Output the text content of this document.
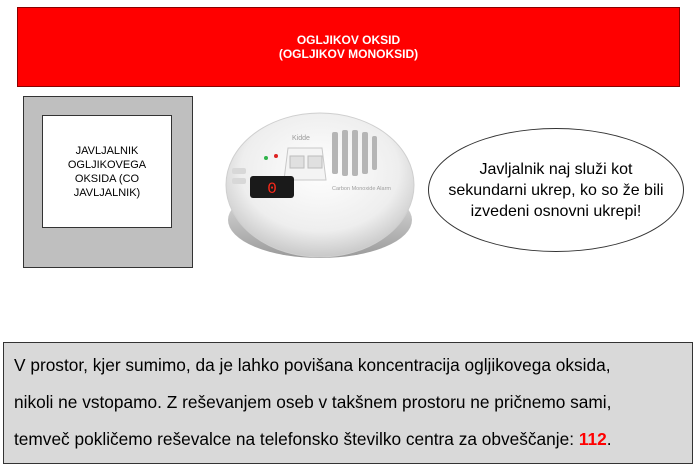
OGLJIKOV OKSID
(OGLJIKOV MONOKSID)
JAVLJALNIK OGLJIKOVEGA OKSIDA (CO JAVLJALNIK)	0
Kidde
Carbon Monoxide Alarm
Javljalnik naj služi kot sekundarni ukrep, ko so že bili izvedeni osnovni ukrepi!
V prostor, kjer sumimo, da je lahko povišana koncentracija ogljikovega oksida,
nikoli ne vstopamo. Z reševanjem oseb v takšnem prostoru ne pričnemo sami,
temveč pokličemo reševalce na telefonsko številko centra za obveščanje: 112.
